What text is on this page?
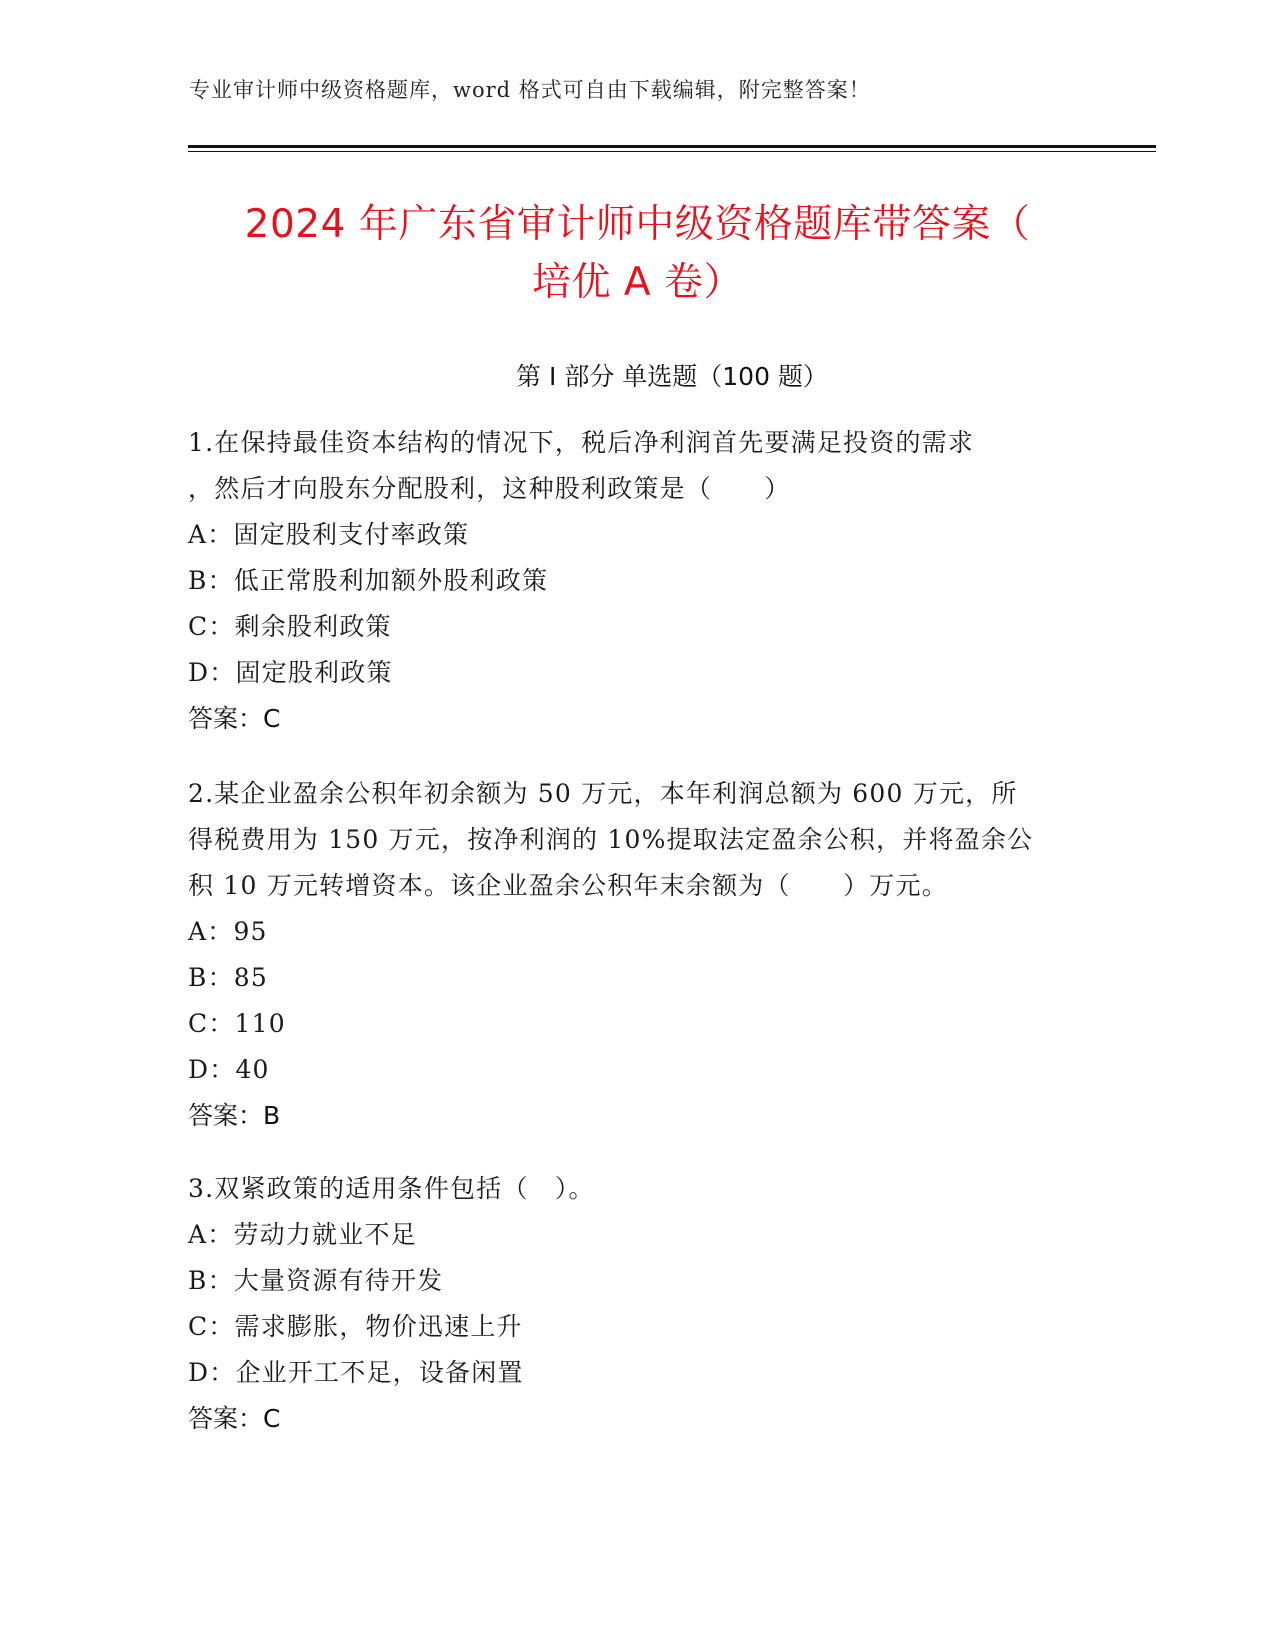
专业审计师中级资格题库，word 格式可自由下载编辑，附完整答案！
2024 年广东省审计师中级资格题库带答案（
培优 A 卷）
第 I 部分 单选题（100 题）

1.在保持最佳资本结构的情况下，税后净利润首先要满足投资的需求

，然后才向股东分配股利，这种股利政策是（　　）

A：固定股利支付率政策

B：低正常股利加额外股利政策

C：剩余股利政策

D：固定股利政策

答案：C

2.某企业盈余公积年初余额为 50 万元，本年利润总额为 600 万元，所

得税费用为 150 万元，按净利润的 10%提取法定盈余公积，并将盈余公

积 10 万元转增资本。该企业盈余公积年末余额为（　　）万元。

A：95

B：85

C：110

D：40

答案：B

3.双紧政策的适用条件包括（　）。

A：劳动力就业不足

B：大量资源有待开发

C：需求膨胀，物价迅速上升

D：企业开工不足，设备闲置

答案：C
